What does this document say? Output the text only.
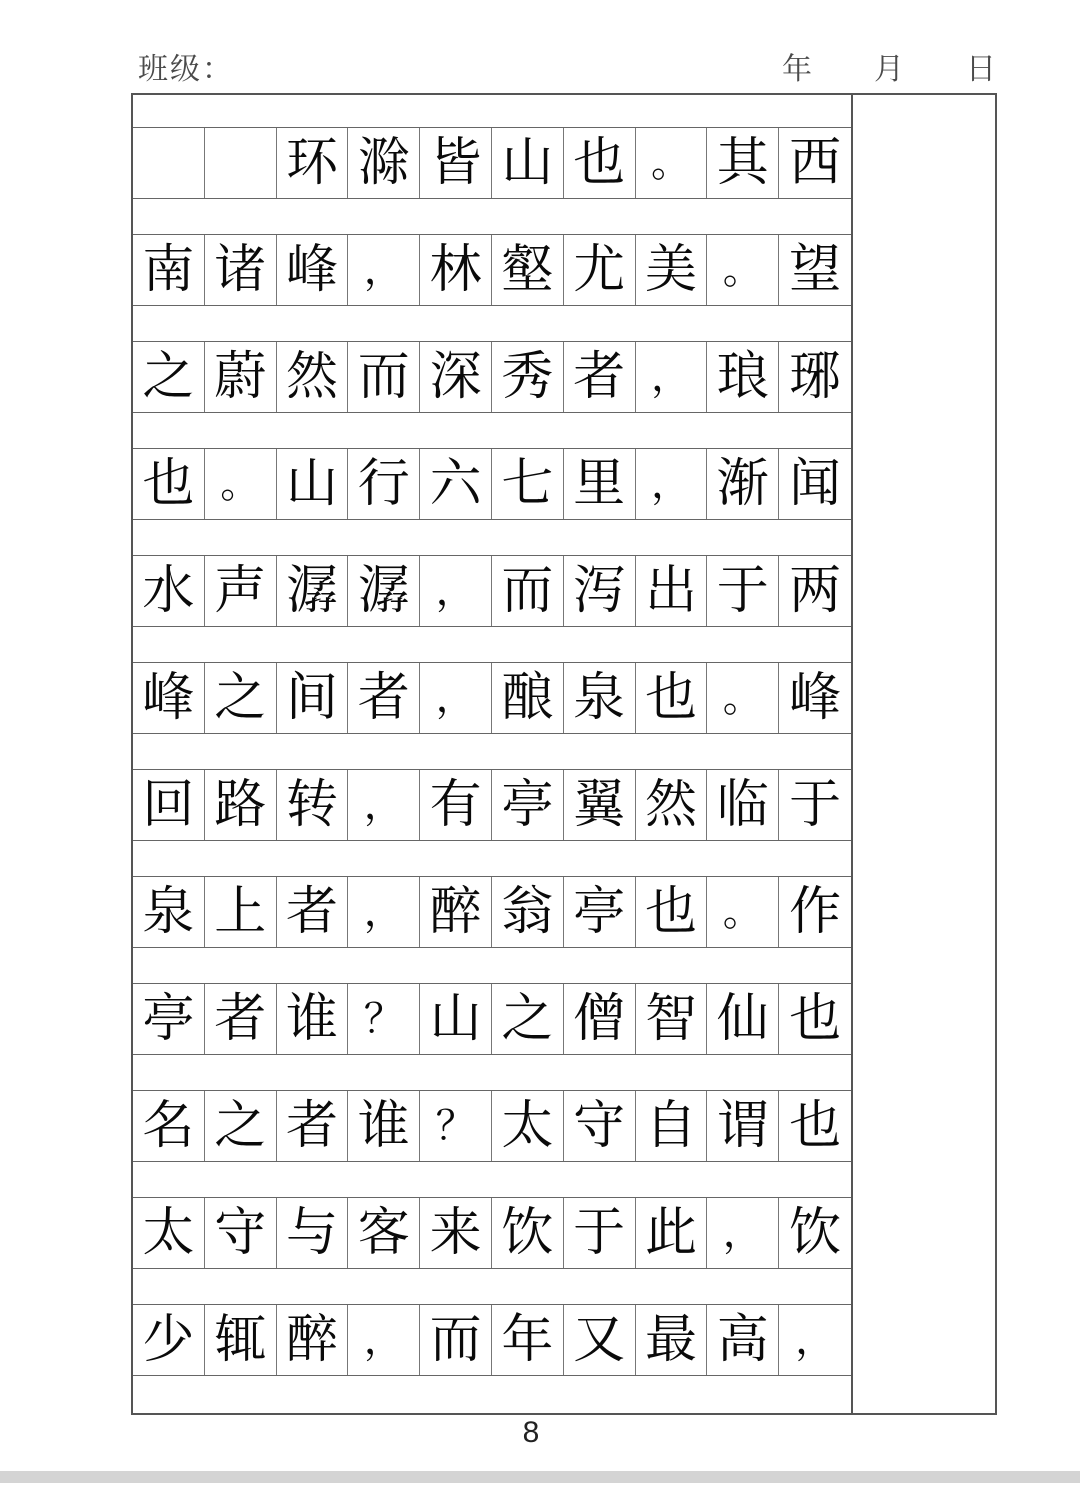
班级：	年 月 日
环 滁 皆 山 也 。 其 西
南 诸 峰 ， 林 壑 尤 美 。 望
之 蔚 然 而 深 秀 者 ， 琅 琊
也 。 山 行 六 七 里 ， 渐 闻
水 声 潺 潺 ， 而 泻 出 于 两
峰 之 间 者 ， 酿 泉 也 。 峰
回 路 转 ， 有 亭 翼 然 临 于
泉 上 者 ， 醉 翁 亭 也 。 作
亭 者 谁 ？ 山 之 僧 智 仙 也
名 之 者 谁 ？ 太 守 自 谓 也
太 守 与 客 来 饮 于 此 ， 饮
少 辄 醉 ， 而 年 又 最 高 ，
8
